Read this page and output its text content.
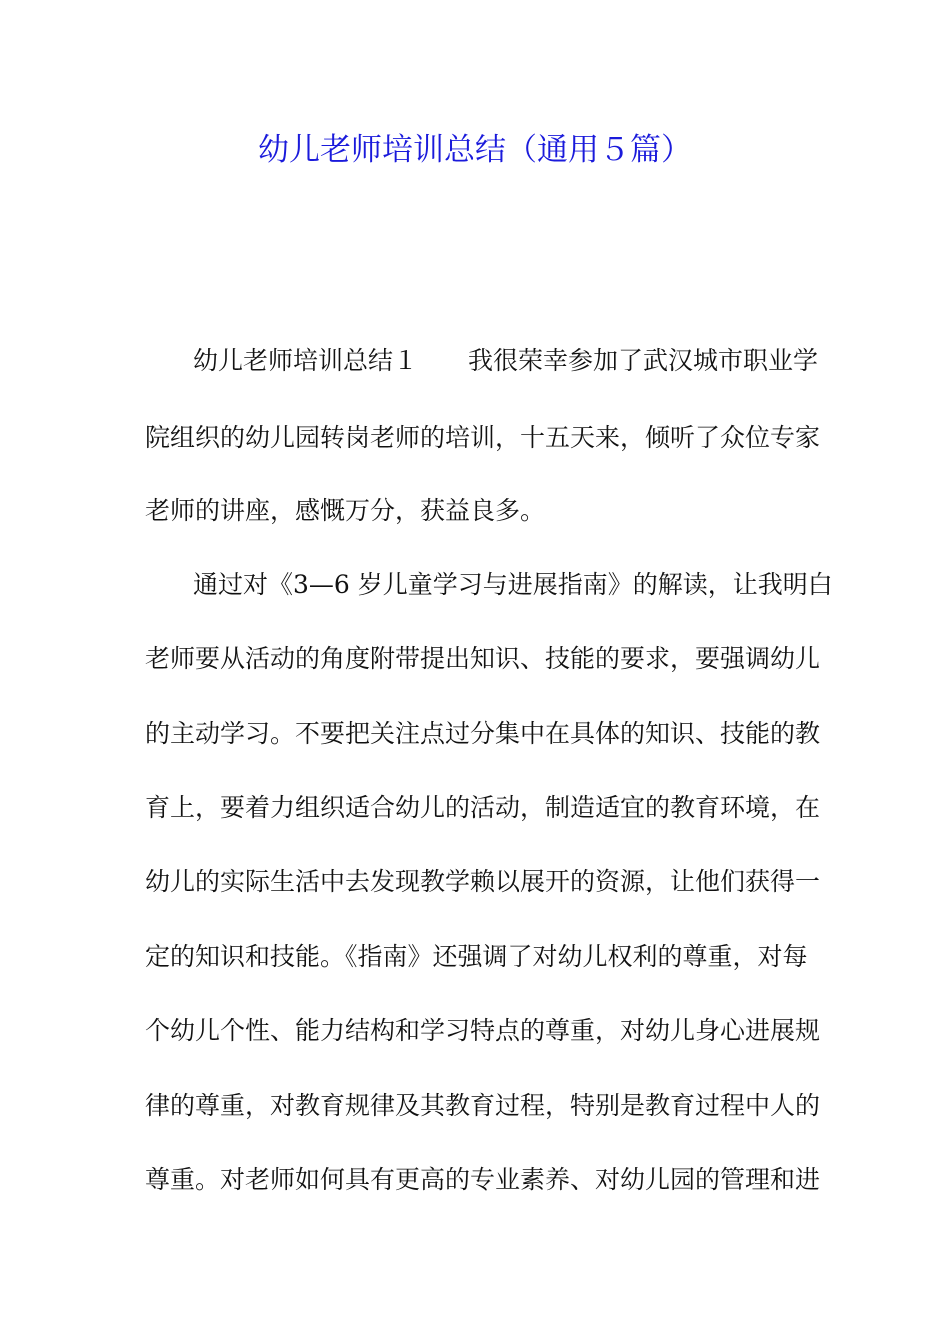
幼儿老师培训总结（通用５篇）
幼儿老师培训总结１　　我很荣幸参加了武汉城市职业学
院组织的幼儿园转岗老师的培训，十五天来，倾听了众位专家
老师的讲座，感慨万分，获益良多。
通过对《3—6 岁儿童学习与进展指南》的解读，让我明白
老师要从活动的角度附带提出知识、技能的要求，要强调幼儿
的主动学习。不要把关注点过分集中在具体的知识、技能的教
育上，要着力组织适合幼儿的活动，制造适宜的教育环境，在
幼儿的实际生活中去发现教学赖以展开的资源，让他们获得一
定的知识和技能。《指南》还强调了对幼儿权利的尊重，对每
个幼儿个性、能力结构和学习特点的尊重，对幼儿身心进展规
律的尊重，对教育规律及其教育过程，特别是教育过程中人的
尊重。对老师如何具有更高的专业素养、对幼儿园的管理和进
